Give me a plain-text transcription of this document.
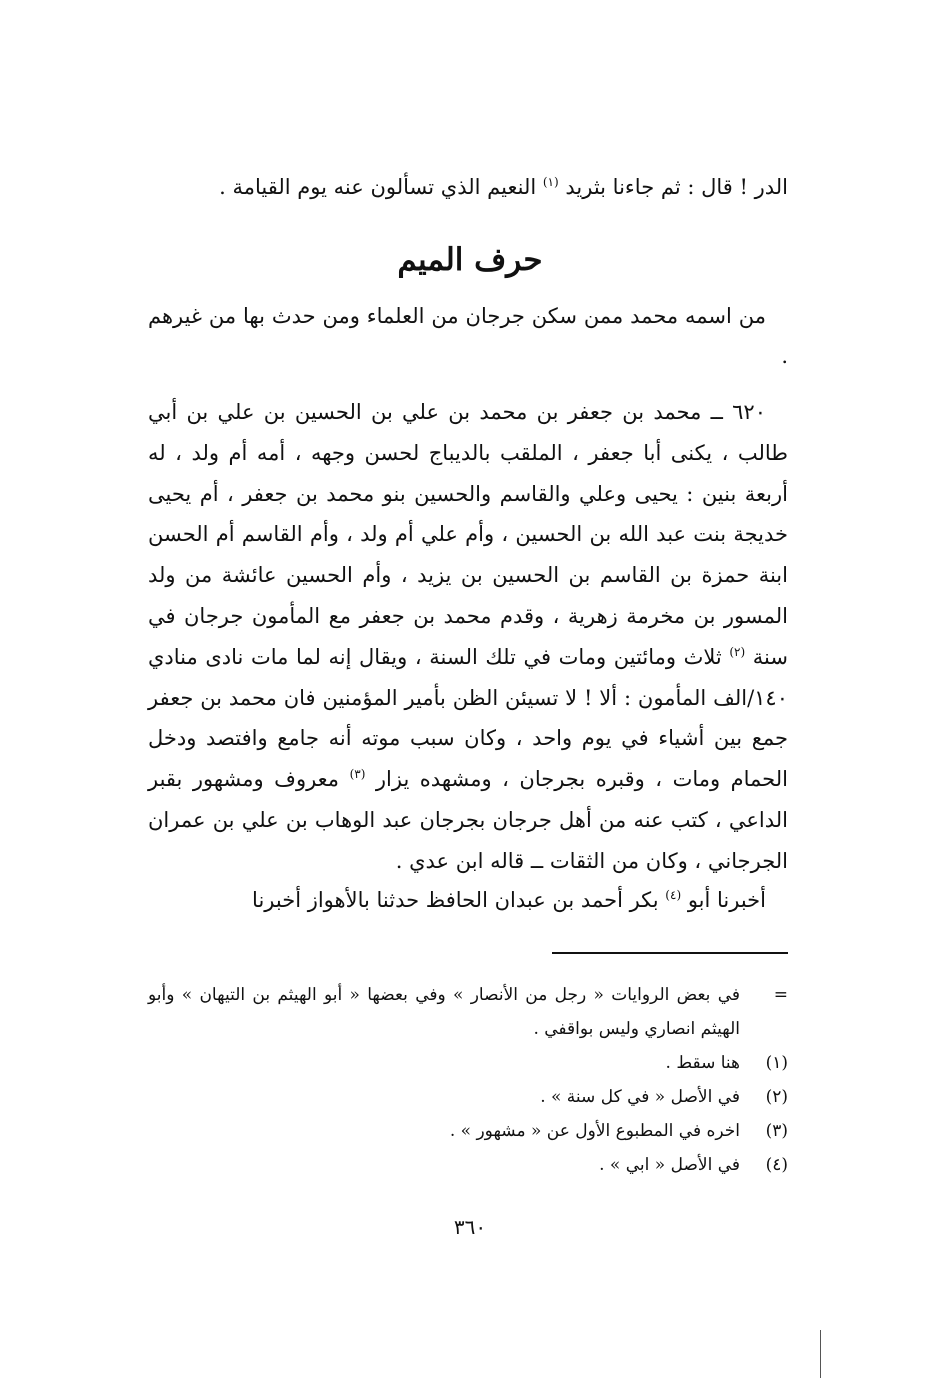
الدر ! قال : ثم جاءنا بثريد $^{(١)}$ النعيم الذي تسألون عنه يوم القيامة .
حرف الميم
من اسمه محمد ممن سكن جرجان من العلماء ومن حدث بها من غيرهم .
٦٢٠ ــ محمد بن جعفر بن محمد بن علي بن الحسين بن علي بن أبي طالب ، يكنى أبا جعفر ، الملقب بالديباج لحسن وجهه ، أمه أم ولد ، له أربعة بنين : يحيى وعلي والقاسم والحسين بنو محمد بن جعفر ، أم يحيى خديجة بنت عبد الله بن الحسين ، وأم علي أم ولد ، وأم القاسم أم الحسن ابنة حمزة بن القاسم بن الحسين بن يزيد ، وأم الحسين عائشة من ولد المسور بن مخرمة زهرية ، وقدم محمد بن جعفر مع المأمون جرجان في سنة $^{(٢)}$ ثلاث ومائتين ومات في تلك السنة ، ويقال إنه لما مات نادى منادي ١٤٠/الف المأمون : ألا ! لا تسيئن الظن بأمير المؤمنين فان محمد بن جعفر جمع بين أشياء في يوم واحد ، وكان سبب موته أنه جامع وافتصد ودخل الحمام ومات ، وقبره بجرجان ، ومشهده يزار $^{(٣)}$ معروف ومشهور بقبر الداعي ، كتب عنه من أهل جرجان بجرجان عبد الوهاب بن علي بن عمران الجرجاني ، وكان من الثقات ــ قاله ابن عدي .
أخبرنا أبو $^{(٤)}$ بكر أحمد بن عبدان الحافظ حدثنا بالأهواز أخبرنا
=
في بعض الروايات « رجل من الأنصار » وفي بعضها « أبو الهيثم بن التيهان » وأبو الهيثم انصاري وليس بواقفي .
(١)
هنا سقط .
(٢)
في الأصل « في كل سنة » .
(٣)
اخره في المطبوع الأول عن « مشهور » .
(٤)
في الأصل « ابي » .
٣٦٠
